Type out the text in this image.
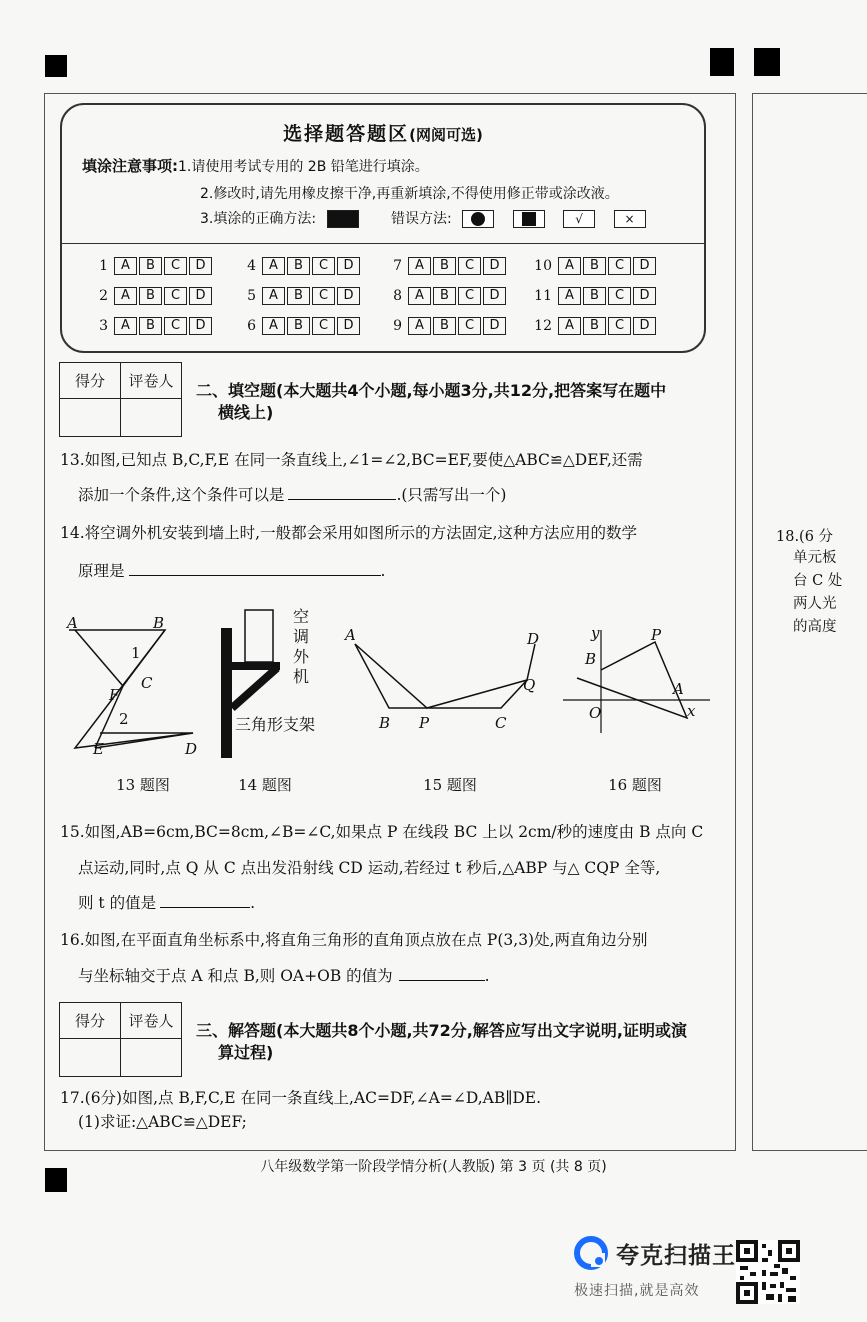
选择题答题区(网阅可选)
填涂注意事项:1.请使用考试专用的 2B 铅笔进行填涂。
2.修改时,请先用橡皮擦干净,再重新填涂,不得使用修正带或涂改液。
3.填涂的正确方法:	错误方法:	√	×
1	A	B	C	D
2	A	B	C	D
3	A	B	C	D
4	A	B	C	D
5	A	B	C	D
6	A	B	C	D
7	A	B	C	D
8	A	B	C	D
9	A	B	C	D
10	A	B	C	D
11	A	B	C	D
12	A	B	C	D
得分	评卷人
	二、填空题(本大题共4个小题,每小题3分,共12分,把答案写在题中
横线上)
13.如图,已知点 B,C,F,E 在同一条直线上,∠1=∠2,BC=EF,要使△ABC≌△DEF,还需
添加一个条件,这个条件可以是	.(只需写出一个)
14.将空调外机安装到墙上时,一般都会采用如图所示的方法固定,这种方法应用的数学
原理是	.
A	B
1
C
F
2
E	D
空
调
外
机
三角形支架
A	D
Q
B P	C
y	P
B
A
O	x
13 题图	14 题图	15 题图	16 题图
15.如图,AB=6cm,BC=8cm,∠B=∠C,如果点 P 在线段 BC 上以 2cm/秒的速度由 B 点向 C
点运动,同时,点 Q 从 C 点出发沿射线 CD 运动,若经过 t 秒后,△ABP 与△ CQP 全等,
则 t 的值是	.
16.如图,在平面直角坐标系中,将直角三角形的直角顶点放在点 P(3,3)处,两直角边分别
与坐标轴交于点 A 和点 B,则 OA+OB 的值为	.
得分	评卷人
	三、解答题(本大题共8个小题,共72分,解答应写出文字说明,证明或演
算过程)
17.(6分)如图,点 B,F,C,E 在同一条直线上,AC=DF,∠A=∠D,AB∥DE.
(1)求证:△ABC≌△DEF;
18.(6 分
单元板
台 C 处
两人光
的高度
八年级数学第一阶段学情分析(人教版) 第 3 页 (共 8 页)
夸克扫描王
极速扫描,就是高效
